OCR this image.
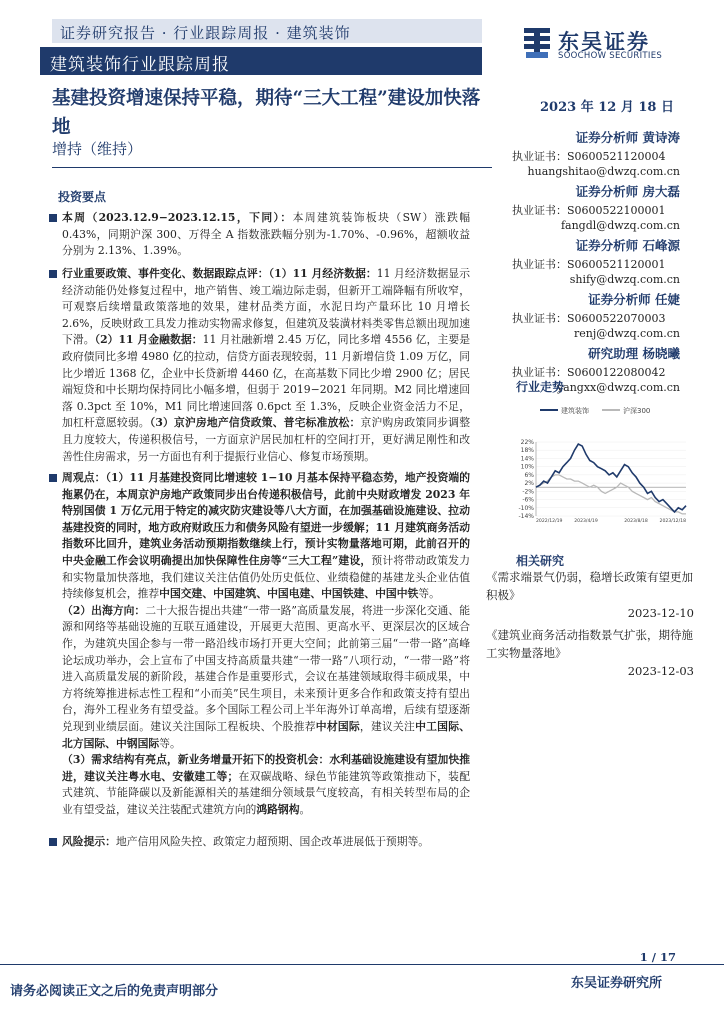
证券研究报告 · 行业跟踪周报 · 建筑装饰
建筑装饰行业跟踪周报
东吴证券
SOOCHOW SECURITIES
基建投资增速保持平稳，期待“三大工程”建设加快落地
增持（维持）
2023 年 12 月 18 日
证券分析师 黄诗涛
执业证书：S0600521120004
huangshitao@dwzq.com.cn
证券分析师 房大磊
执业证书：S0600522100001
fangdl@dwzq.com.cn
证券分析师 石峰源
执业证书：S0600521120001
shify@dwzq.com.cn
证券分析师 任婕
执业证书：S0600522070003
renj@dwzq.com.cn
研究助理 杨晓曦
执业证书：S0600122080042
yangxx@dwzq.com.cn
投资要点
本周（2023.12.9−2023.12.15，下同）：本周建筑装饰板块（SW）涨跌幅 0.43%，同期沪深 300、万得全 A 指数涨跌幅分别为-1.70%、-0.96%，超额收益分别为 2.13%、1.39%。
行业重要政策、事件变化、数据跟踪点评：（1）11 月经济数据：11 月经济数据显示经济动能仍处修复过程中，地产销售、竣工端边际走弱，但新开工端降幅有所收窄，可观察后续增量政策落地的效果，建材品类方面，水泥日均产量环比 10 月增长 2.6%，反映财政工具发力推动实物需求修复，但建筑及装潢材料类零售总额出现加速下滑。（2）11 月金融数据：11 月社融新增 2.45 万亿，同比多增 4556 亿，主要是政府债同比多增 4980 亿的拉动，信贷方面表现较弱，11 月新增信贷 1.09 万亿，同比少增近 1368 亿，企业中长贷新增 4460 亿，在高基数下同比少增 2900 亿；居民端短贷和中长期均保持同比小幅多增，但弱于 2019−2021 年同期。M2 同比增速回落 0.3pct 至 10%，M1 同比增速回落 0.6pct 至 1.3%，反映企业资金活力不足，加杠杆意愿较弱。（3）京沪房地产信贷政策、普宅标准放松：京沪购房政策同步调整且力度较大，传递积极信号，一方面京沪居民加杠杆的空间打开，更好满足刚性和改善性住房需求，另一方面也有利于提振行业信心、修复市场预期。
周观点：（1）11 月基建投资同比增速较 1−10 月基本保持平稳态势，地产投资端的拖累仍在，本周京沪房地产政策同步出台传递积极信号，此前中央财政增发 2023 年特别国债 1 万亿元用于特定的减灾防灾建设等八大方面，在加强基础设施建设、拉动基建投资的同时，地方政府财政压力和债务风险有望进一步缓解；11 月建筑商务活动指数环比回升，建筑业务活动预期指数继续上行，预计实物量落地可期，此前召开的中央金融工作会议明确提出加快保障性住房等“三大工程”建设，预计将带动政策发力和实物量加快落地，我们建议关注估值仍处历史低位、业绩稳健的基建龙头企业估值持续修复机会，推荐中国交建、中国建筑、中国电建、中国铁建、中国中铁等。
（2）出海方向：二十大报告提出共建“一带一路”高质量发展，将进一步深化交通、能源和网络等基础设施的互联互通建设，开展更大范围、更高水平、更深层次的区域合作，为建筑央国企参与一带一路沿线市场打开更大空间；此前第三届“一带一路”高峰论坛成功举办，会上宣布了中国支持高质量共建“一带一路”八项行动，“一带一路”将进入高质量发展的新阶段，基建合作是重要形式，会议在基建领域取得丰硕成果，中方将统筹推进标志性工程和“小而美”民生项目，未来预计更多合作和政策支持有望出台，海外工程业务有望受益。多个国际工程公司上半年海外订单高增，后续有望逐渐兑现到业绩层面。建议关注国际工程板块、个股推荐中材国际，建议关注中工国际、北方国际、中钢国际等。
（3）需求结构有亮点，新业务增量开拓下的投资机会：水利基础设施建设有望加快推进，建议关注粤水电、安徽建工等；在双碳战略、绿色节能建筑等政策推动下，装配式建筑、节能降碳以及新能源相关的基建细分领域景气度较高，有相关转型布局的企业有望受益，建议关注装配式建筑方向的鸿路钢构。
风险提示：地产信用风险失控、政策定力超预期、国企改革进展低于预期等。
行业走势
建筑装饰	沪深300
22%
18%
14%
10%
6%
2%
-2%
-6%
-10%
-14%
2022/12/19	2023/4/19	2023/8/18	2023/12/18
相关研究
《需求端景气仍弱，稳增长政策有望更加积极》
2023-12-10
《建筑业商务活动指数景气扩张，期待施工实物量落地》
2023-12-03
1 / 17
请务必阅读正文之后的免责声明部分
东吴证券研究所
